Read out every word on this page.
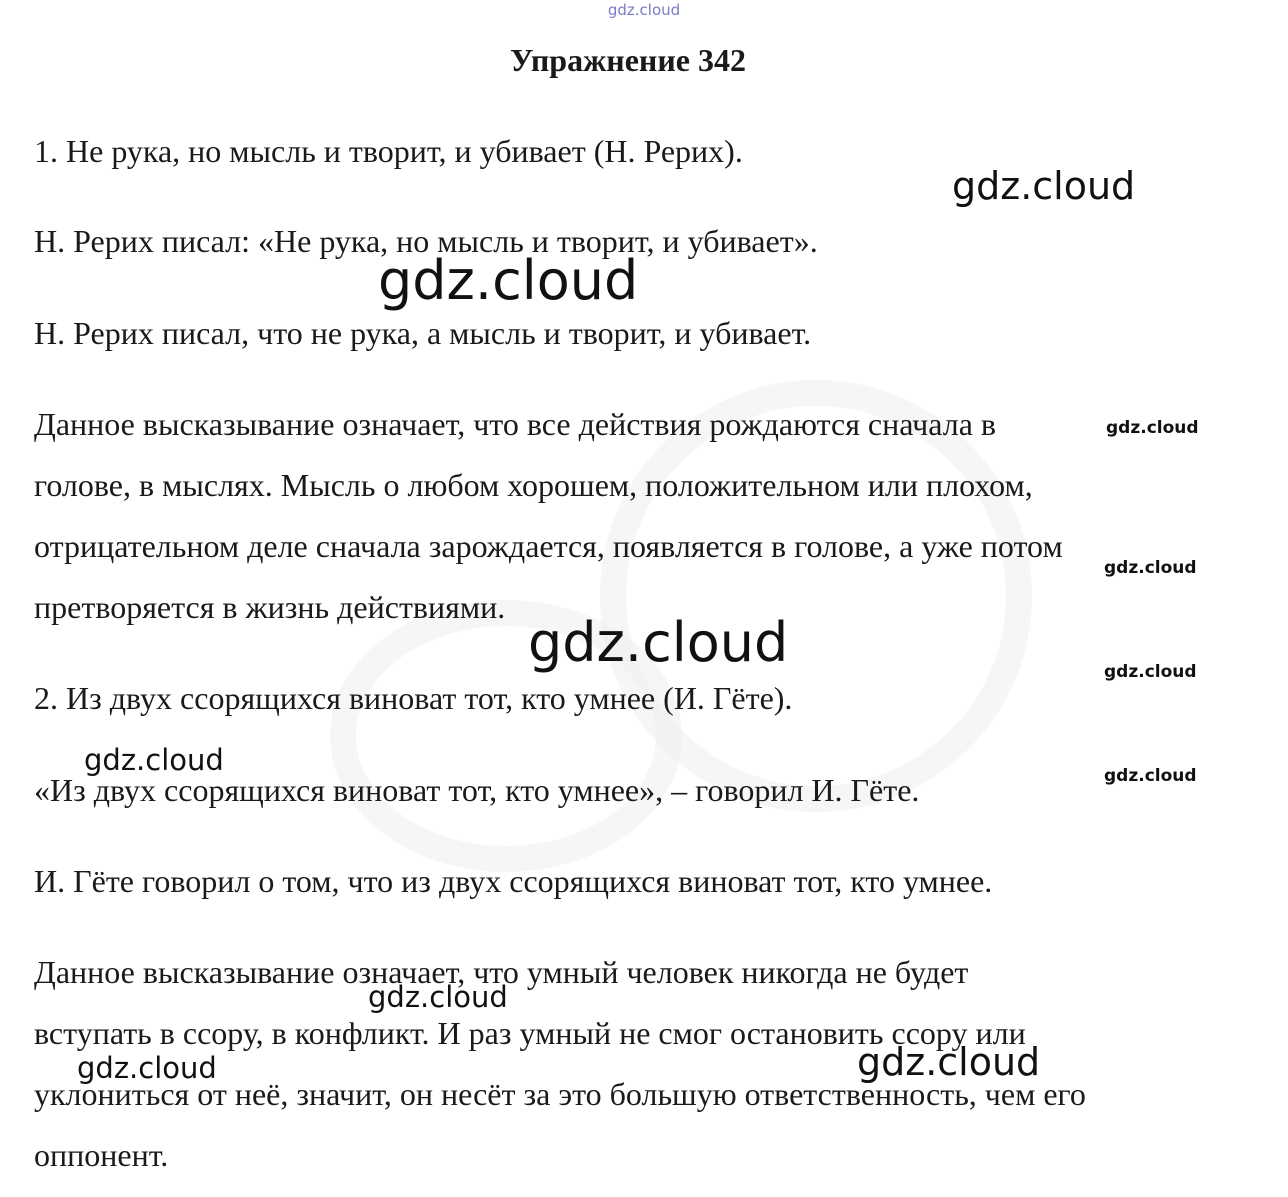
gdz.cloud
Упражнение 342
1. Не рука, но мысль и творит, и убивает (Н. Рерих).
Н. Рерих писал: «Не рука, но мысль и творит, и убивает».
Н. Рерих писал, что не рука, а мысль и творит, и убивает.
Данное высказывание означает, что все действия рождаются сначала в
голове, в мыслях. Мысль о любом хорошем, положительном или плохом,
отрицательном деле сначала зарождается, появляется в голове, а уже потом
претворяется в жизнь действиями.
2. Из двух ссорящихся виноват тот, кто умнее (И. Гёте).
«Из двух ссорящихся виноват тот, кто умнее», – говорил И. Гёте.
И. Гёте говорил о том, что из двух ссорящихся виноват тот, кто умнее.
Данное высказывание означает, что умный человек никогда не будет
вступать в ссору, в конфликт. И раз умный не смог остановить ссору или
уклониться от неё, значит, он несёт за это большую ответственность, чем его
оппонент.
gdz.cloud
gdz.cloud
gdz.cloud
gdz.cloud
gdz.cloud	gdz.cloud
gdz.cloud	gdz.cloud
gdz.cloud
gdz.cloud
gdz.cloud
